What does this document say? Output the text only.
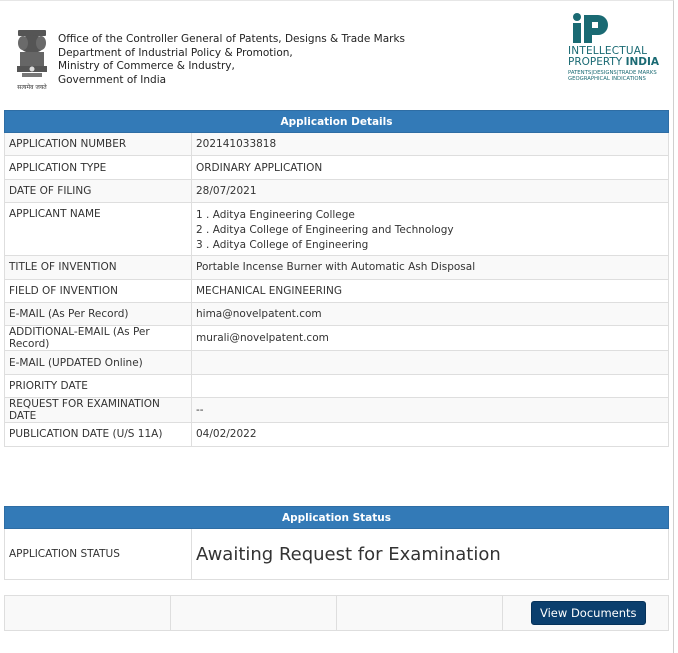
सत्यमेव जयते
Office of the Controller General of Patents, Designs & Trade Marks
Department of Industrial Policy & Promotion,
Ministry of Commerce & Industry,
Government of India
INTELLECTUAL
PROPERTY INDIA
PATENTS|DESIGNS|TRADE MARKS
GEOGRAPHICAL INDICATIONS
Application Details	
APPLICATION NUMBER	202141033818
APPLICATION TYPE	ORDINARY APPLICATION
DATE OF FILING	28/07/2021
APPLICANT NAME	1 . Aditya Engineering College
2 . Aditya College of Engineering and Technology
3 . Aditya College of Engineering

TITLE OF INVENTION	Portable Incense Burner with Automatic Ash Disposal
FIELD OF INVENTION	MECHANICAL ENGINEERING
E-MAIL (As Per Record)	hima@novelpatent.com
ADDITIONAL-EMAIL (As Per Record)	murali@novelpatent.com
E-MAIL (UPDATED Online)	
PRIORITY DATE	
REQUEST FOR EXAMINATION DATE	--
PUBLICATION DATE (U/S 11A)	04/02/2022
Application Status
APPLICATION STATUS	Awaiting Request for Examination
			View Documents
